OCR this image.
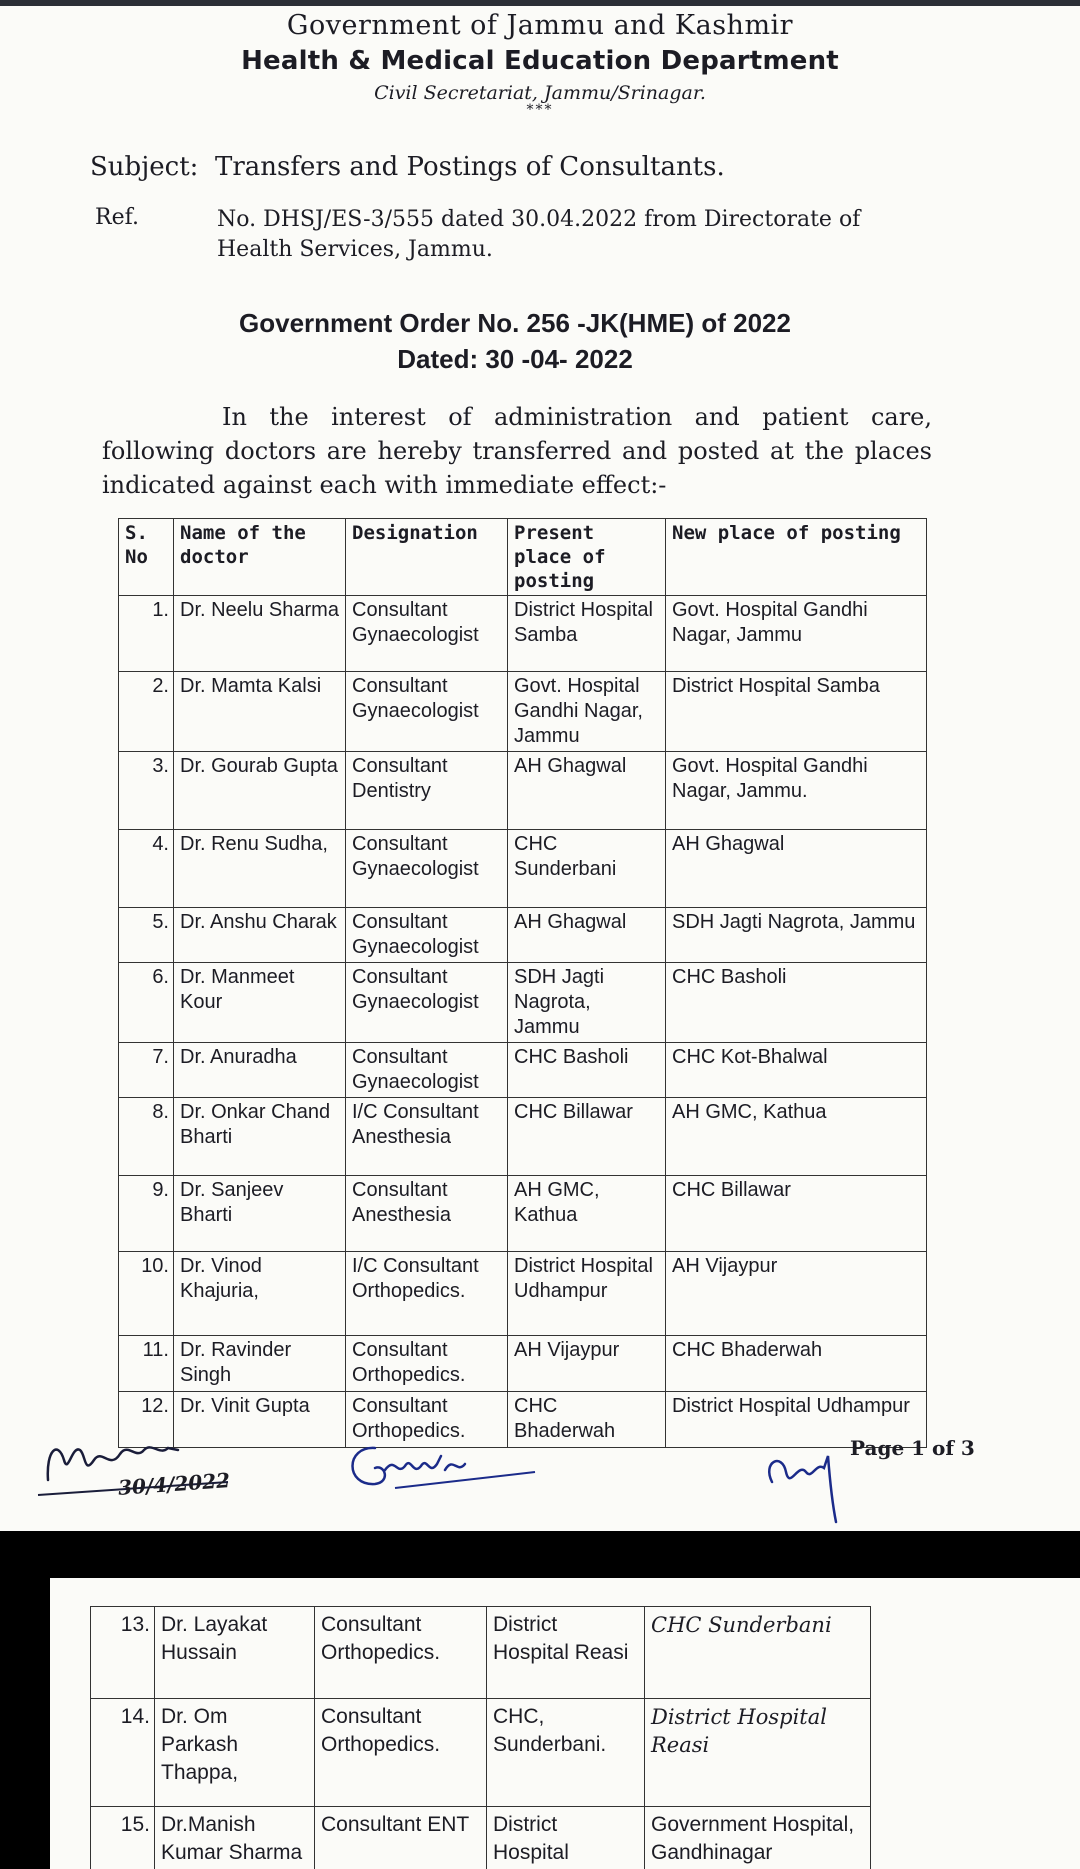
Government of Jammu and Kashmir
Health & Medical Education Department
Civil Secretariat, Jammu/Srinagar.
***
Subject: Transfers and Postings of Consultants.
Ref.	No. DHSJ/ES-3/555 dated 30.04.2022 from Directorate of Health Services, Jammu.
Government Order No. 256 -JK(HME) of 2022
Dated: 30 -04- 2022
In the interest of administration and patient care, following doctors are hereby transferred and posted at the places indicated against each with immediate effect:-
S. No	Name of the doctor	Designation	Present place of posting	New place of posting
1.	Dr. Neelu Sharma	Consultant Gynaecologist	District Hospital Samba	Govt. Hospital Gandhi Nagar, Jammu
2.	Dr. Mamta Kalsi	Consultant Gynaecologist	Govt. Hospital Gandhi Nagar, Jammu	District Hospital Samba
3.	Dr. Gourab Gupta	Consultant Dentistry	AH Ghagwal	Govt. Hospital Gandhi Nagar, Jammu.
4.	Dr. Renu Sudha,	Consultant Gynaecologist	CHC Sunderbani	AH Ghagwal
5.	Dr. Anshu Charak	Consultant Gynaecologist	AH Ghagwal	SDH Jagti Nagrota, Jammu
6.	Dr. Manmeet Kour	Consultant Gynaecologist	SDH Jagti Nagrota, Jammu	CHC Basholi
7.	Dr. Anuradha	Consultant Gynaecologist	CHC Basholi	CHC Kot-Bhalwal
8.	Dr. Onkar Chand Bharti	I/C Consultant Anesthesia	CHC Billawar	AH GMC, Kathua
9.	Dr. Sanjeev Bharti	Consultant Anesthesia	AH GMC, Kathua	CHC Billawar
10.	Dr. Vinod Khajuria,	I/C Consultant Orthopedics.	District Hospital Udhampur	AH Vijaypur
11.	Dr. Ravinder Singh	Consultant Orthopedics.	AH Vijaypur	CHC Bhaderwah
12.	Dr. Vinit Gupta	Consultant Orthopedics.	CHC Bhaderwah	District Hospital Udhampur
30/4/2022
Page 1 of 3
13.	Dr. Layakat Hussain	Consultant Orthopedics.	District Hospital Reasi	CHC Sunderbani
14.	Dr. Om Parkash Thappa,	Consultant Orthopedics.	CHC, Sunderbani.	District Hospital Reasi
15.	Dr.Manish Kumar Sharma	Consultant ENT	District Hospital	Government Hospital, Gandhinagar
